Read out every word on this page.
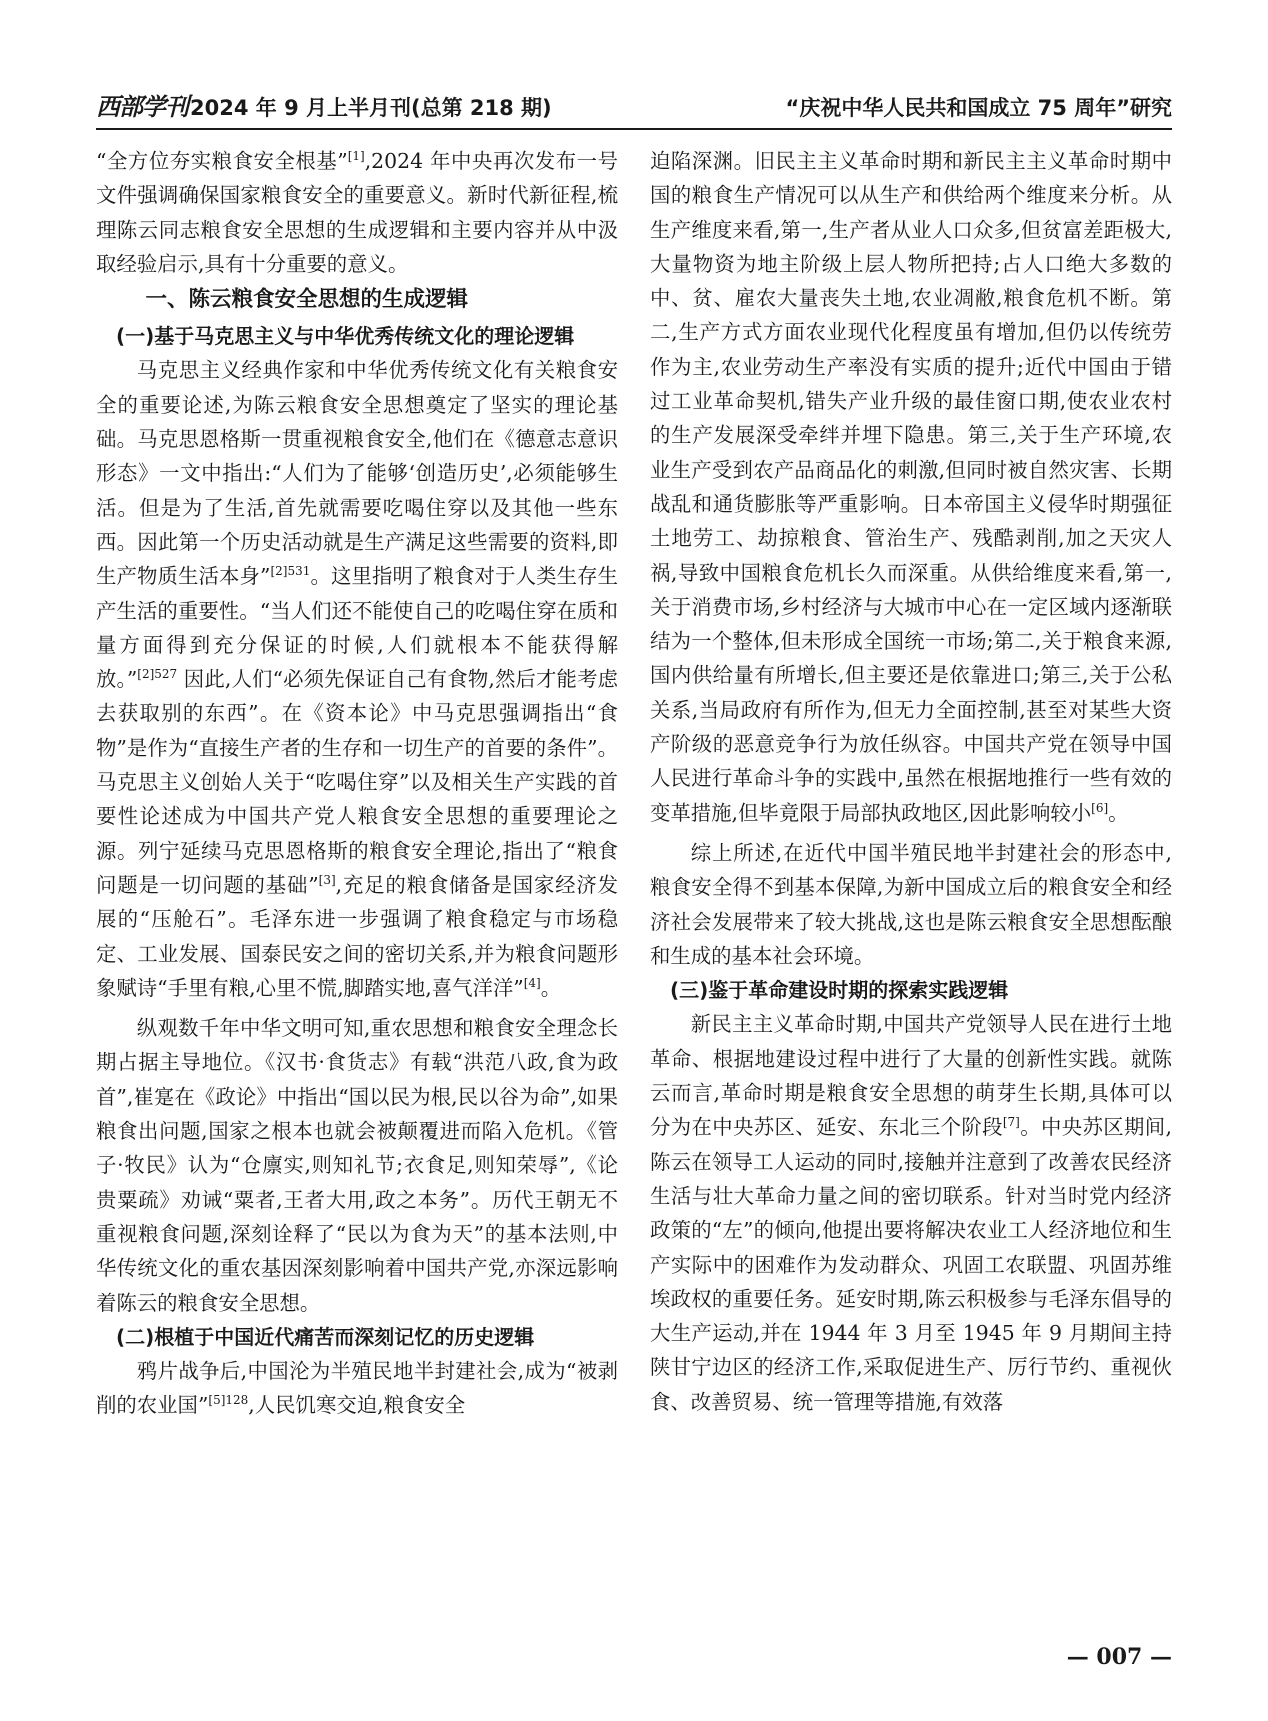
西部学刊 2024 年 9 月上半月刊(总第 218 期)	“庆祝中华人民共和国成立 75 周年”研究

“全方位夯实粮食安全根基”[1],2024 年中央再次发布一号文件强调确保国家粮食安全的重要意义。新时代新征程,梳理陈云同志粮食安全思想的生成逻辑和主要内容并从中汲取经验启示,具有十分重要的意义。

一、陈云粮食安全思想的生成逻辑
(一)基于马克思主义与中华优秀传统文化的理论逻辑

马克思主义经典作家和中华优秀传统文化有关粮食安全的重要论述,为陈云粮食安全思想奠定了坚实的理论基础。马克思恩格斯一贯重视粮食安全,他们在《德意志意识形态》一文中指出:“人们为了能够‘创造历史’,必须能够生活。但是为了生活,首先就需要吃喝住穿以及其他一些东西。因此第一个历史活动就是生产满足这些需要的资料,即生产物质生活本身”$^{[2]531}$。这里指明了粮食对于人类生存生产生活的重要性。“当人们还不能使自己的吃喝住穿在质和量方面得到充分保证的时候,人们就根本不能获得解放。”$^{[2]527}$ 因此,人们“必须先保证自己有食物,然后才能考虑去获取别的东西”。在《资本论》中马克思强调指出“食物”是作为“直接生产者的生存和一切生产的首要的条件”。马克思主义创始人关于“吃喝住穿”以及相关生产实践的首要性论述成为中国共产党人粮食安全思想的重要理论之源。列宁延续马克思恩格斯的粮食安全理论,指出了“粮食问题是一切问题的基础”[3],充足的粮食储备是国家经济发展的“压舱石”。毛泽东进一步强调了粮食稳定与市场稳定、工业发展、国泰民安之间的密切关系,并为粮食问题形象赋诗“手里有粮,心里不慌,脚踏实地,喜气洋洋”[4]。

纵观数千年中华文明可知,重农思想和粮食安全理念长期占据主导地位。《汉书·食货志》有载“洪范八政,食为政首”,崔寔在《政论》中指出“国以民为根,民以谷为命”,如果粮食出问题,国家之根本也就会被颠覆进而陷入危机。《管子·牧民》认为“仓廪实,则知礼节;衣食足,则知荣辱”,《论贵粟疏》劝诫“粟者,王者大用,政之本务”。历代王朝无不重视粮食问题,深刻诠释了“民以为食为天”的基本法则,中华传统文化的重农基因深刻影响着中国共产党,亦深远影响着陈云的粮食安全思想。

(二)根植于中国近代痛苦而深刻记忆的历史逻辑

鸦片战争后,中国沦为半殖民地半封建社会,成为“被剥削的农业国”$^{[5]128}$,人民饥寒交迫,粮食安全

迫陷深渊。旧民主主义革命时期和新民主主义革命时期中国的粮食生产情况可以从生产和供给两个维度来分析。从生产维度来看,第一,生产者从业人口众多,但贫富差距极大,大量物资为地主阶级上层人物所把持;占人口绝大多数的中、贫、雇农大量丧失土地,农业凋敝,粮食危机不断。第二,生产方式方面农业现代化程度虽有增加,但仍以传统劳作为主,农业劳动生产率没有实质的提升;近代中国由于错过工业革命契机,错失产业升级的最佳窗口期,使农业农村的生产发展深受牵绊并埋下隐患。第三,关于生产环境,农业生产受到农产品商品化的刺激,但同时被自然灾害、长期战乱和通货膨胀等严重影响。日本帝国主义侵华时期强征土地劳工、劫掠粮食、管治生产、残酷剥削,加之天灾人祸,导致中国粮食危机长久而深重。从供给维度来看,第一,关于消费市场,乡村经济与大城市中心在一定区域内逐渐联结为一个整体,但未形成全国统一市场;第二,关于粮食来源,国内供给量有所增长,但主要还是依靠进口;第三,关于公私关系,当局政府有所作为,但无力全面控制,甚至对某些大资产阶级的恶意竞争行为放任纵容。中国共产党在领导中国人民进行革命斗争的实践中,虽然在根据地推行一些有效的变革措施,但毕竟限于局部执政地区,因此影响较小[6]。

综上所述,在近代中国半殖民地半封建社会的形态中,粮食安全得不到基本保障,为新中国成立后的粮食安全和经济社会发展带来了较大挑战,这也是陈云粮食安全思想酝酿和生成的基本社会环境。

(三)鉴于革命建设时期的探索实践逻辑

新民主主义革命时期,中国共产党领导人民在进行土地革命、根据地建设过程中进行了大量的创新性实践。就陈云而言,革命时期是粮食安全思想的萌芽生长期,具体可以分为在中央苏区、延安、东北三个阶段[7]。中央苏区期间,陈云在领导工人运动的同时,接触并注意到了改善农民经济生活与壮大革命力量之间的密切联系。针对当时党内经济政策的“左”的倾向,他提出要将解决农业工人经济地位和生产实际中的困难作为发动群众、巩固工农联盟、巩固苏维埃政权的重要任务。延安时期,陈云积极参与毛泽东倡导的大生产运动,并在 1944 年 3 月至 1945 年 9 月期间主持陕甘宁边区的经济工作,采取促进生产、厉行节约、重视伙食、改善贸易、统一管理等措施,有效落

— 007 —
